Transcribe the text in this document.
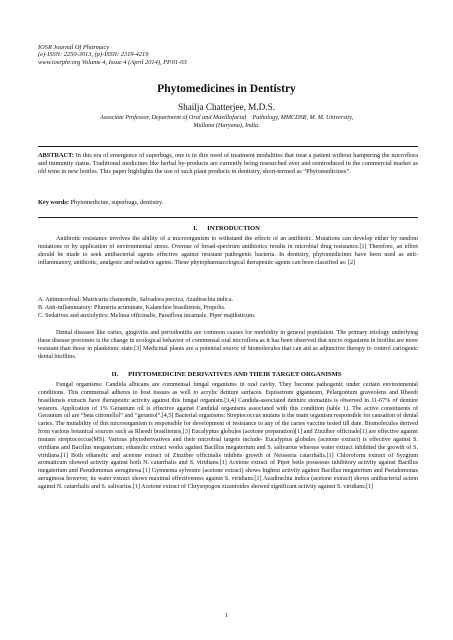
IOSR Journal Of Pharmacy
(e)-ISSN: 2250-3013, (p)-ISSN: 2319-4219
www.iosrphr.org Volume 4, Issue 4 (April 2014), PP.01-03
Phytomedicines in Dentistry
Shailja Chatterjee, M.D.S.
Associate Professor, Department of Oral and Maxillofacial    Pathology, MMCDSR, M. M. University,
Mullana (Haryana), India.
ABSTRACT: In this era of emergence of superbugs, one is in dire need of treatment modalities that treat a patient without hampering the microflora and immunity status. Traditional medicines like herbal by-products are currently being researched over and reintroduced in the commercial market as old wine in new bottles. This paper highlights the use of such plant products in dentistry, short-termed as “Phytomedicines”.
Key words: Phytomedicine, superbugs, dentistry.
I.      INTRODUCTION

Antibiotic resistance involves the ability of a microorganism to withstand the effects of an antibiotic. Mutations can develop either by random mutations or by application of environmental stress. Overuse of broad-spectrum antibiotics results in microbial drug resistance.[1] Therefore, an effort should be made to seek antibacterial agents effective against resistant pathogenic bacteria. In dentistry, phytomedicines have been used as anti-inflammatory, antibiotic, analgesic and sedative agents. These phytopharmacological therapeutic agents can been classified as: [2]

A. Antimicrobial: Matricaria chamomile, Salvadora percica, Azadirachta indica.
B. Anti-inflammatory: Plumeria acuminate, Kalanchoe brasiliensis, Propolis.
C. Sedatives and anxiolytics: Melissa officinalis, Passiflora incarnale, Piper majthsticum.

Dental diseases like caries, gingivitis and periodontitis are common causes for morbidity in general population. The primary etiology underlying these disease processes is the change in ecological behavior of commensal oral microflora as it has been observed that micro organisms in biofilm are more resistant than those in planktonic state.[3] Medicinal plants are a potential source of biomolecules that can aid as adjunctive therapy to control cariogenic dental biofilms.

II.      PHYTOMEDICINE DERIVATIVES AND THEIR TARGET ORGANISMS

Fungal organisms: Candida albicans are commensal fungal organisms in oral cavity. They become pathogenic under certain environmental conditions. This commensal adheres to host tissues as well to acrylic denture surfaces. Equisetrum giganteum, Pelargonium graveolens and Rheedi brasiliensis extracts have therapeutic activity against this fungal organism.[3,4] Candida-associated denture stomatitis is observed in 11-67% of denture wearers. Application of 1% Geranium oil is effective against Candidal organisms associated with this condition (table 1). The active constituents of Geranium oil are “beta citronellol” and “geraniol”.[4,5] Bacterial organisms: Streptococcus mutans is the main organism responsible for causation of dental caries. The mutability of this microorganism is responsible for development of resistance to any of the caries vaccine tested till date. Biomolecules derived from various botanical sources such as Rheedi brasiliensis,[3] Eucalyptus globules (acetone preparation)[1] and Zinziber officinale[1] are effective against mutans streptococcus(MS). Various phytoderivatives and their microbial targets include- Eucalyptus globules (acetone extract) is effective against S. viridians and Bacillus megaterium; ethanolic extract works against Bacillus megaterium and S. salivarius whereas water extract inhibited the growth of S. viridians.[1] Both ethanolic and acetone extract of Zinziber officinalis inhibits growth of Neisseria catarrhalis.[1] Chloroform extract of Syzgium aromaticum showed activity against both N. catarrhalis and S. viridians.[1] Acetone extract of Piper betle possesses inhibitory activity against Bacillus megaterium and Pseudomonas aeruginosa.[1] Gymnema sylvestre (acetone extract) shows highest activity against Bacillus megaterium and Pseudomonas aeruginosa however, its water extract shows maximal effectiveness against S. viridians.[1] Azadirachta indica (acetone extract) shows antibacterial action against N. catarrhalis and S. salivarius.[1] Acetone extract of Chrysopogon zizanioides showed significant activity against S. viridians.[1]

1
